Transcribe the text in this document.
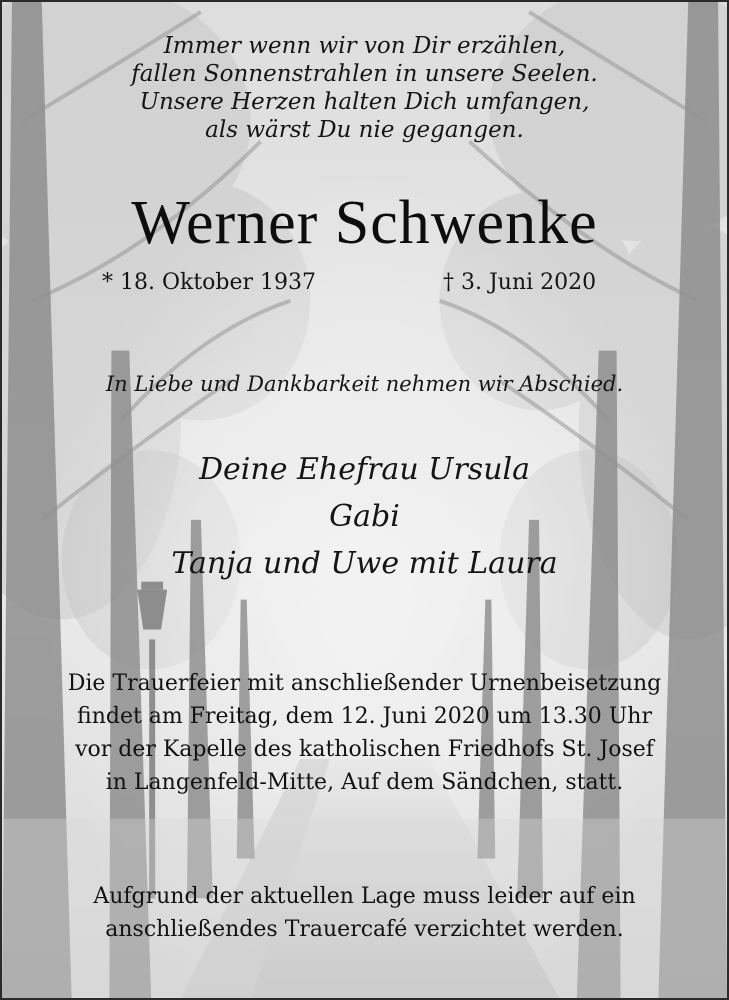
Immer wenn wir von Dir erzählen,
fallen Sonnenstrahlen in unsere Seelen.
Unsere Herzen halten Dich umfangen,
als wärst Du nie gegangen.
Werner Schwenke
* 18. Oktober 1937	† 3. Juni 2020
In Liebe und Dankbarkeit nehmen wir Abschied.
Deine Ehefrau Ursula
Gabi
Tanja und Uwe mit Laura
Die Trauerfeier mit anschließender Urnenbeisetzung
findet am Freitag, dem 12. Juni 2020 um 13.30 Uhr
vor der Kapelle des katholischen Friedhofs St. Josef
in Langenfeld-Mitte, Auf dem Sändchen, statt.
Aufgrund der aktuellen Lage muss leider auf ein
anschließendes Trauercafé verzichtet werden.
